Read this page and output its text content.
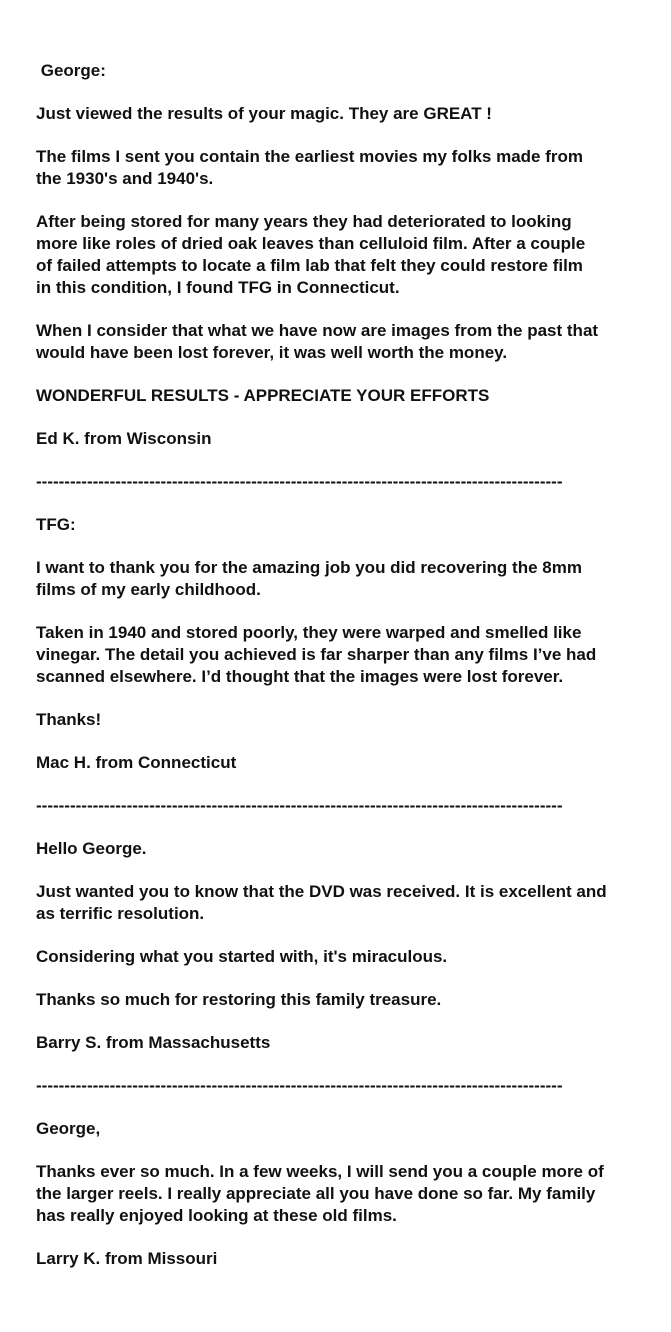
George:

Just viewed the results of your magic. They are GREAT !

The films I sent you contain the earliest movies my folks made from

the 1930's and 1940's.

After being stored for many years they had deteriorated to looking

more like roles of dried oak leaves than celluloid film. After a couple

of failed attempts to locate a film lab that felt they could restore film

in this condition, I found TFG in Connecticut.

When I consider that what we have now are images from the past that

would have been lost forever, it was well worth the money.

WONDERFUL RESULTS - APPRECIATE YOUR EFFORTS

Ed K. from Wisconsin

---------------------------------------------------------------------------------------------

TFG:

I want to thank you for the amazing job you did recovering the 8mm

films of my early childhood.

Taken in 1940 and stored poorly, they were warped and smelled like

vinegar. The detail you achieved is far sharper than any films I’ve had

scanned elsewhere. I’d thought that the images were lost forever.

Thanks!

Mac H. from Connecticut

---------------------------------------------------------------------------------------------

Hello George.

Just wanted you to know that the DVD was received. It is excellent and

as terrific resolution.

Considering what you started with, it's miraculous.

Thanks so much for restoring this family treasure.

Barry S. from Massachusetts

---------------------------------------------------------------------------------------------

George,

Thanks ever so much. In a few weeks, I will send you a couple more of

the larger reels. I really appreciate all you have done so far. My family

has really enjoyed looking at these old films.

Larry K. from Missouri
